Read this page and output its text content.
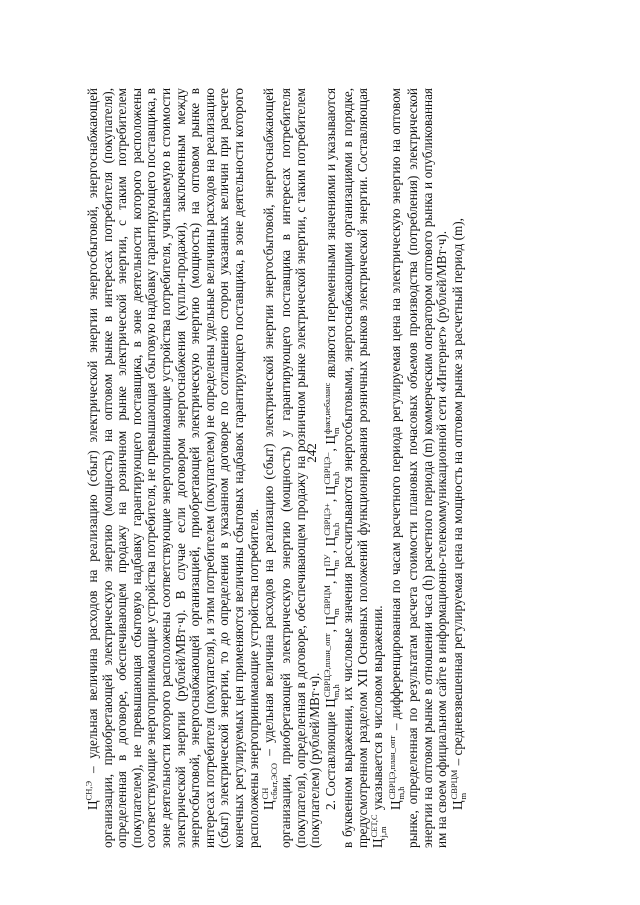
242

$Ц^{СН,Э}$ – удельная величина расходов на реализацию (сбыт) электрической энергии энергосбытовой, энергоснабжающей организации, приобретающей электрическую энергию (мощность) на оптовом рынке в интересах потребителя (покупателя), определенная в договоре, обеспечивающем продажу на розничном рынке электрической энергии, с таким потребителем (покупателем), не превышающая сбытовую надбавку гарантирующего поставщика, в зоне деятельности которого расположены соответствующие энергопринимающие устройства потребителя, не превышающая сбытовую надбавку гарантирующего поставщика, в зоне деятельности которого расположены соответствующие энергопринимающие устройства потребителя, учитываемую в стоимости электрической энергии (рублей/МВт·ч). В случае если договором энергоснабжения (купли-продажи), заключенным между энергосбытовой, энергоснабжающей организацией, приобретающей электрическую энергию (мощность) на оптовом рынке в интересах потребителя (покупателя), и этим потребителем (покупателем) не определены удельные величины расходов на реализацию (сбыт) электрической энергии, то до определения в указанном договоре по соглашению сторон указанных величин при расчете конечных регулируемых цен применяются величины сбытовых надбавок гарантирующего поставщика, в зоне деятельности которого расположены энергопринимающие устройства потребителя. Ц
СН сбыт,ЭСО
– удельная величина расходов на реализацию (сбыт) электрической энергии энергосбытовой, энергоснабжающей организации, приобретающей электрическую энергию (мощность) у гарантирующего поставщика в интересах потребителя (покупателя), определенная в договоре, обеспечивающем продажу на розничном рынке электрической энергии, с таким потребителем (покупателем) (рублей/МВт·ч). 2. Составляющие Ц
СВРЦЭ,план_опт m,h
, Ц
СВРЦМ m
, Ц
ПУ m
, Ц
СВРЦЭ+ m,h
, Ц
СВРЦЭ– m,h
, Ц
факт,небаланс m
являются переменными значениями и указываются в буквенном выражении, их числовые значения рассчитываются энергосбытовыми, энергоснабжающими организациями в порядке, предусмотренном разделом XII Основных положений функционирования розничных рынков электрической энергии. Составляющая Ц
СЕТ,С j,m
указывается в числовом выражении. Ц
СВРЦЭ,план_опт m,h
– дифференцированная по часам расчетного периода регулируемая цена на электрическую энергию на оптовом рынке, определенная по результатам расчета стоимости плановых почасовых объемов производства (потребления) электрической энергии на оптовом рынке в отношении часа (h) расчетного периода (m) коммерческим оператором оптового рынка и опубликованная им на своем официальном сайте в информационно-телекоммуникационной сети «Интернет» (рублей/МВт·ч). Ц
СВРЦМ m
– средневзвешенная регулируемая цена на мощность на оптовом рынке за расчетный период (m),
